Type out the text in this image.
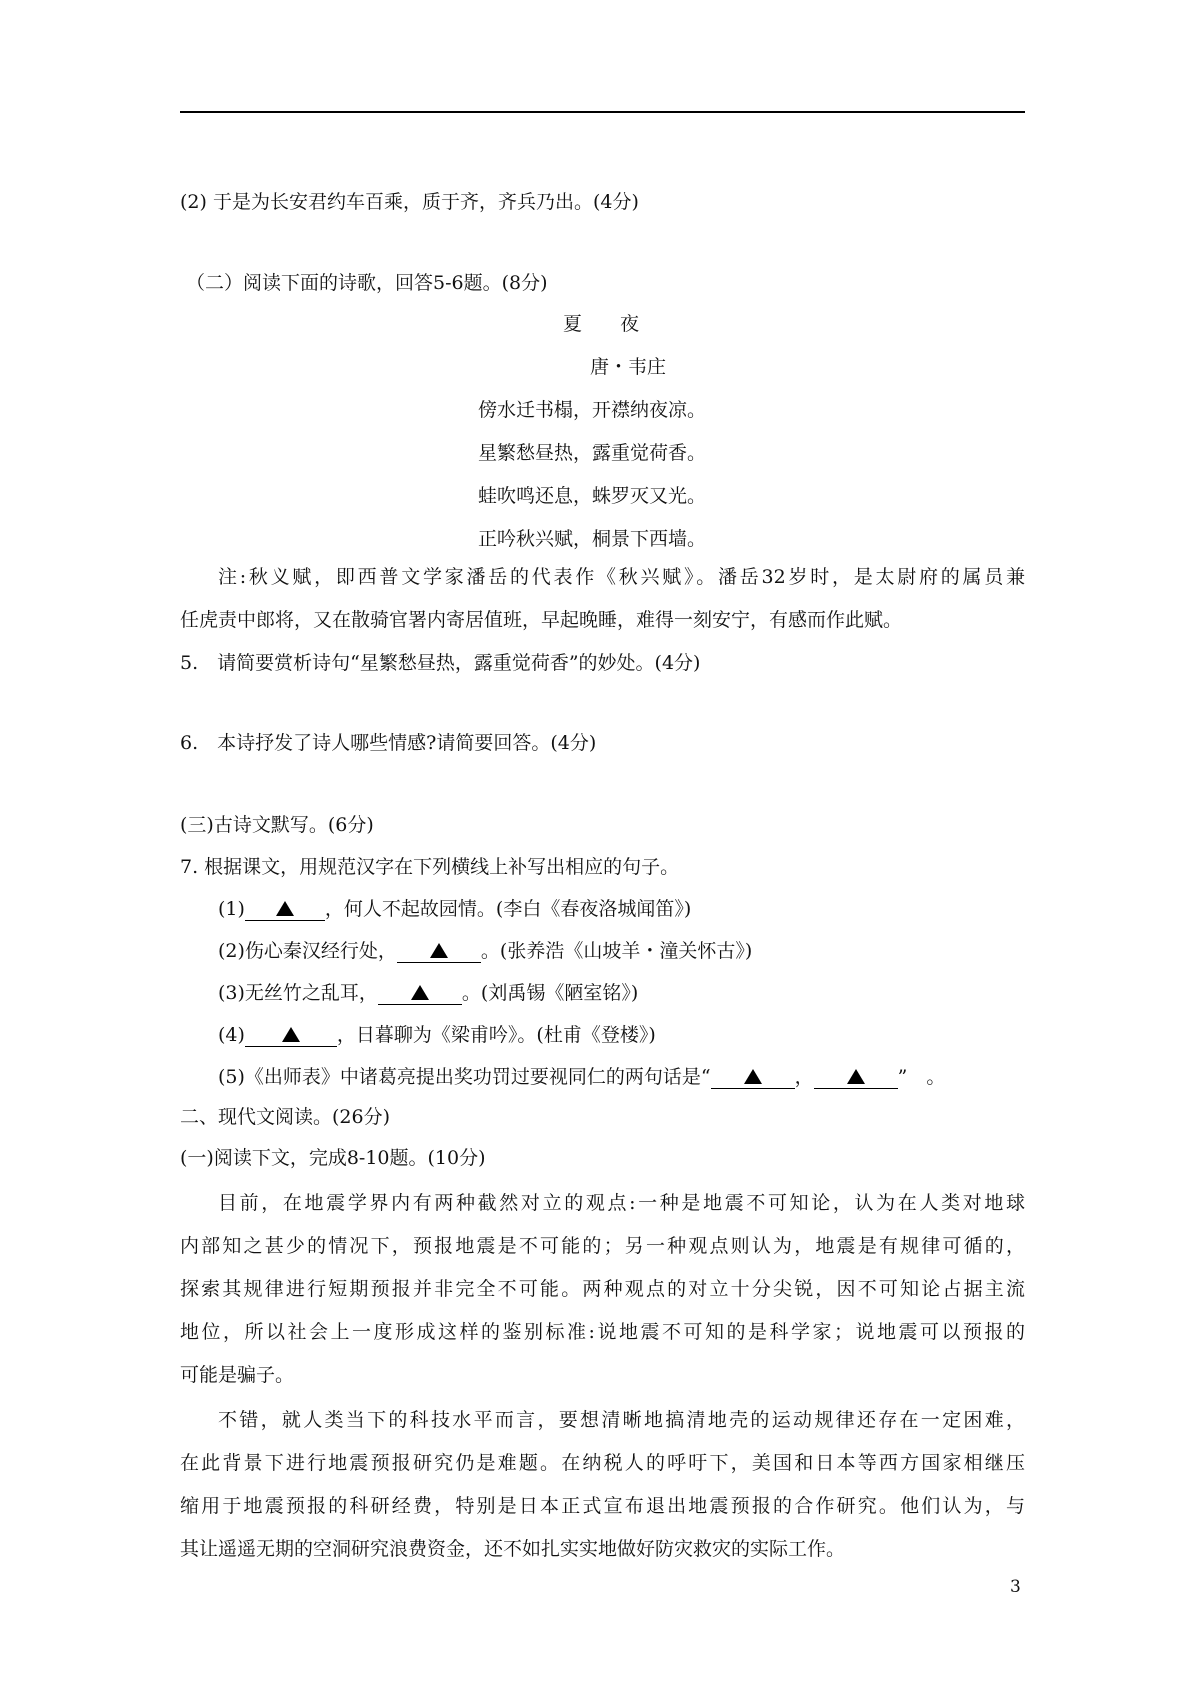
(2) 于是为长安君约车百乘，质于齐，齐兵乃出。(4分)
（二）阅读下面的诗歌，回答5-6题。(8分)
夏　　夜
唐・韦庄
傍水迁书榻，开襟纳夜凉。
星繁愁昼热，露重觉荷香。
蛙吹鸣还息，蛛罗灭又光。
正吟秋兴赋，桐景下西墙。
注:秋义赋，即西普文学家潘岳的代表作《秋兴赋》。潘岳32岁时，是太尉府的属员兼
任虎责中郎将，又在散骑官署内寄居值班，早起晚睡，难得一刻安宁，有感而作此赋。
5.　请简要赏析诗句“星繁愁昼热，露重觉荷香”的妙处。(4分)
6.　本诗抒发了诗人哪些情感?请简要回答。(4分)
(三)古诗文默写。(6分)
7. 根据课文，用规范汉字在下列横线上补写出相应的句子。
(1)	，何人不起故园情。(李白《春夜洛城闻笛》)
(2)伤心秦汉经行处，	。(张养浩《山坡羊・潼关怀古》)
(3)无丝竹之乱耳，	。(刘禹锡《陋室铭》)
(4)	，日暮聊为《梁甫吟》。(杜甫《登楼》)
(5)《出师表》中诸葛亮提出奖功罚过要视同仁的两句话是“	，	”　。
二、现代文阅读。(26分)
(一)阅读下文，完成8-10题。(10分)
目前，在地震学界内有两种截然对立的观点:一种是地震不可知论，认为在人类对地球
内部知之甚少的情况下，预报地震是不可能的；另一种观点则认为，地震是有规律可循的，
探索其规律进行短期预报并非完全不可能。两种观点的对立十分尖锐，因不可知论占据主流
地位，所以社会上一度形成这样的鉴别标准:说地震不可知的是科学家；说地震可以预报的
可能是骗子。
不错，就人类当下的科技水平而言，要想清晰地搞清地壳的运动规律还存在一定困难，
在此背景下进行地震预报研究仍是难题。在纳税人的呼吁下，美国和日本等西方国家相继压
缩用于地震预报的科研经费，特别是日本正式宣布退出地震预报的合作研究。他们认为，与
其让遥遥无期的空洞研究浪费资金，还不如扎实实地做好防灾救灾的实际工作。
3
